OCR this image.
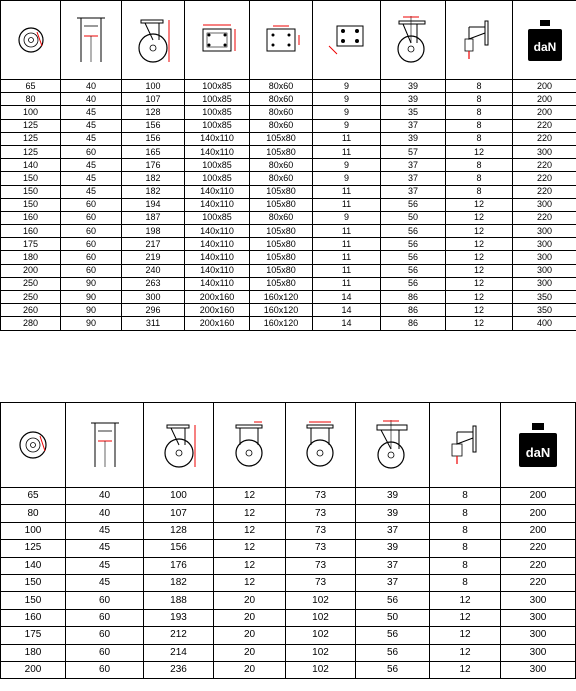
daN

65	40	100	100x85	80x60	9	39	8	200
80	40	107	100x85	80x60	9	39	8	200
100	45	128	100x85	80x60	9	35	8	200
125	45	156	100x85	80x60	9	37	8	220
125	45	156	140x110	105x80	11	39	8	220
125	60	165	140x110	105x80	11	57	12	300
140	45	176	100x85	80x60	9	37	8	220
150	45	182	100x85	80x60	9	37	8	220
150	45	182	140x110	105x80	11	37	8	220
150	60	194	140x110	105x80	11	56	12	300
160	60	187	100x85	80x60	9	50	12	220
160	60	198	140x110	105x80	11	56	12	300
175	60	217	140x110	105x80	11	56	12	300
180	60	219	140x110	105x80	11	56	12	300
200	60	240	140x110	105x80	11	56	12	300
250	90	263	140x110	105x80	11	56	12	300
250	90	300	200x160	160x120	14	86	12	350
260	90	296	200x160	160x120	14	86	12	350
280	90	311	200x160	160x120	14	86	12	400

daN

65	40	100	12	73	39	8	200
80	40	107	12	73	39	8	200
100	45	128	12	73	37	8	200
125	45	156	12	73	39	8	220
140	45	176	12	73	37	8	220
150	45	182	12	73	37	8	220
150	60	188	20	102	56	12	300
160	60	193	20	102	50	12	300
175	60	212	20	102	56	12	300
180	60	214	20	102	56	12	300
200	60	236	20	102	56	12	300
